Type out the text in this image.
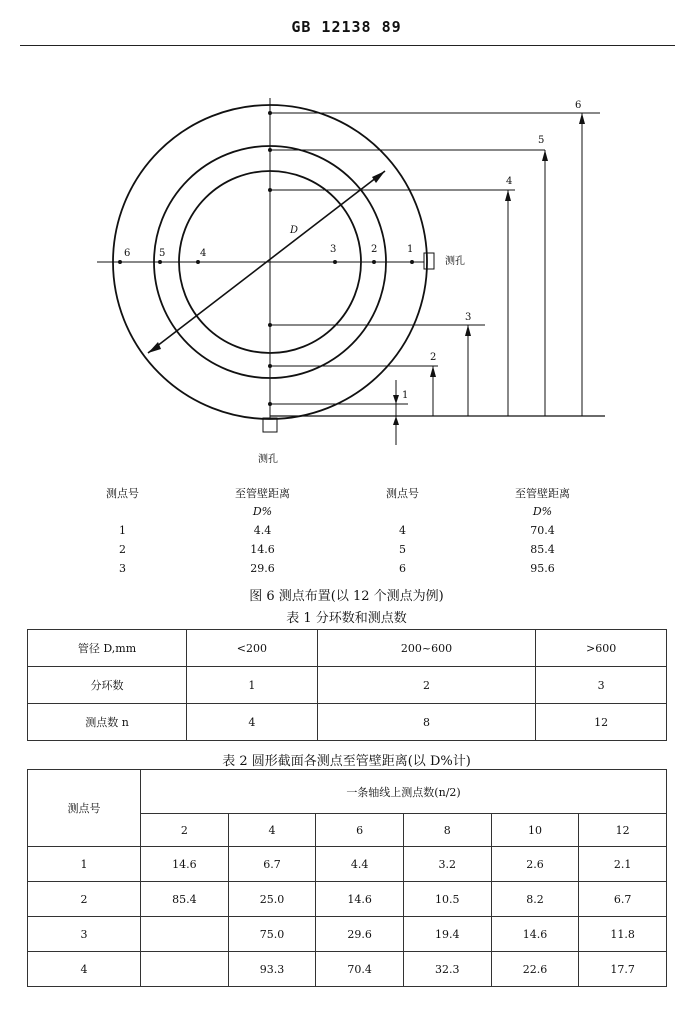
GB 12138 89
1
2
3
4
5
6
6
5
4
3
2
1
D
测孔
测孔
测点号	至管壁距离	测点号	至管壁距离
	D%		D%
1	4.4	4	70.4
2	14.6	5	85.4
3	29.6	6	95.6
图 6 测点布置(以 12 个测点为例)
表 1 分环数和测点数
管径 D,mm	<200	200~600	>600
分环数	1	2	3
测点数 n	4	8	12
表 2 圆形截面各测点至管壁距离(以 D%计)
测点号	一条轴线上测点数(n/2)					
	2	4	6	8	10	12
1	14.6	6.7	4.4	3.2	2.6	2.1
2	85.4	25.0	14.6	10.5	8.2	6.7
3		75.0	29.6	19.4	14.6	11.8
4		93.3	70.4	32.3	22.6	17.7
